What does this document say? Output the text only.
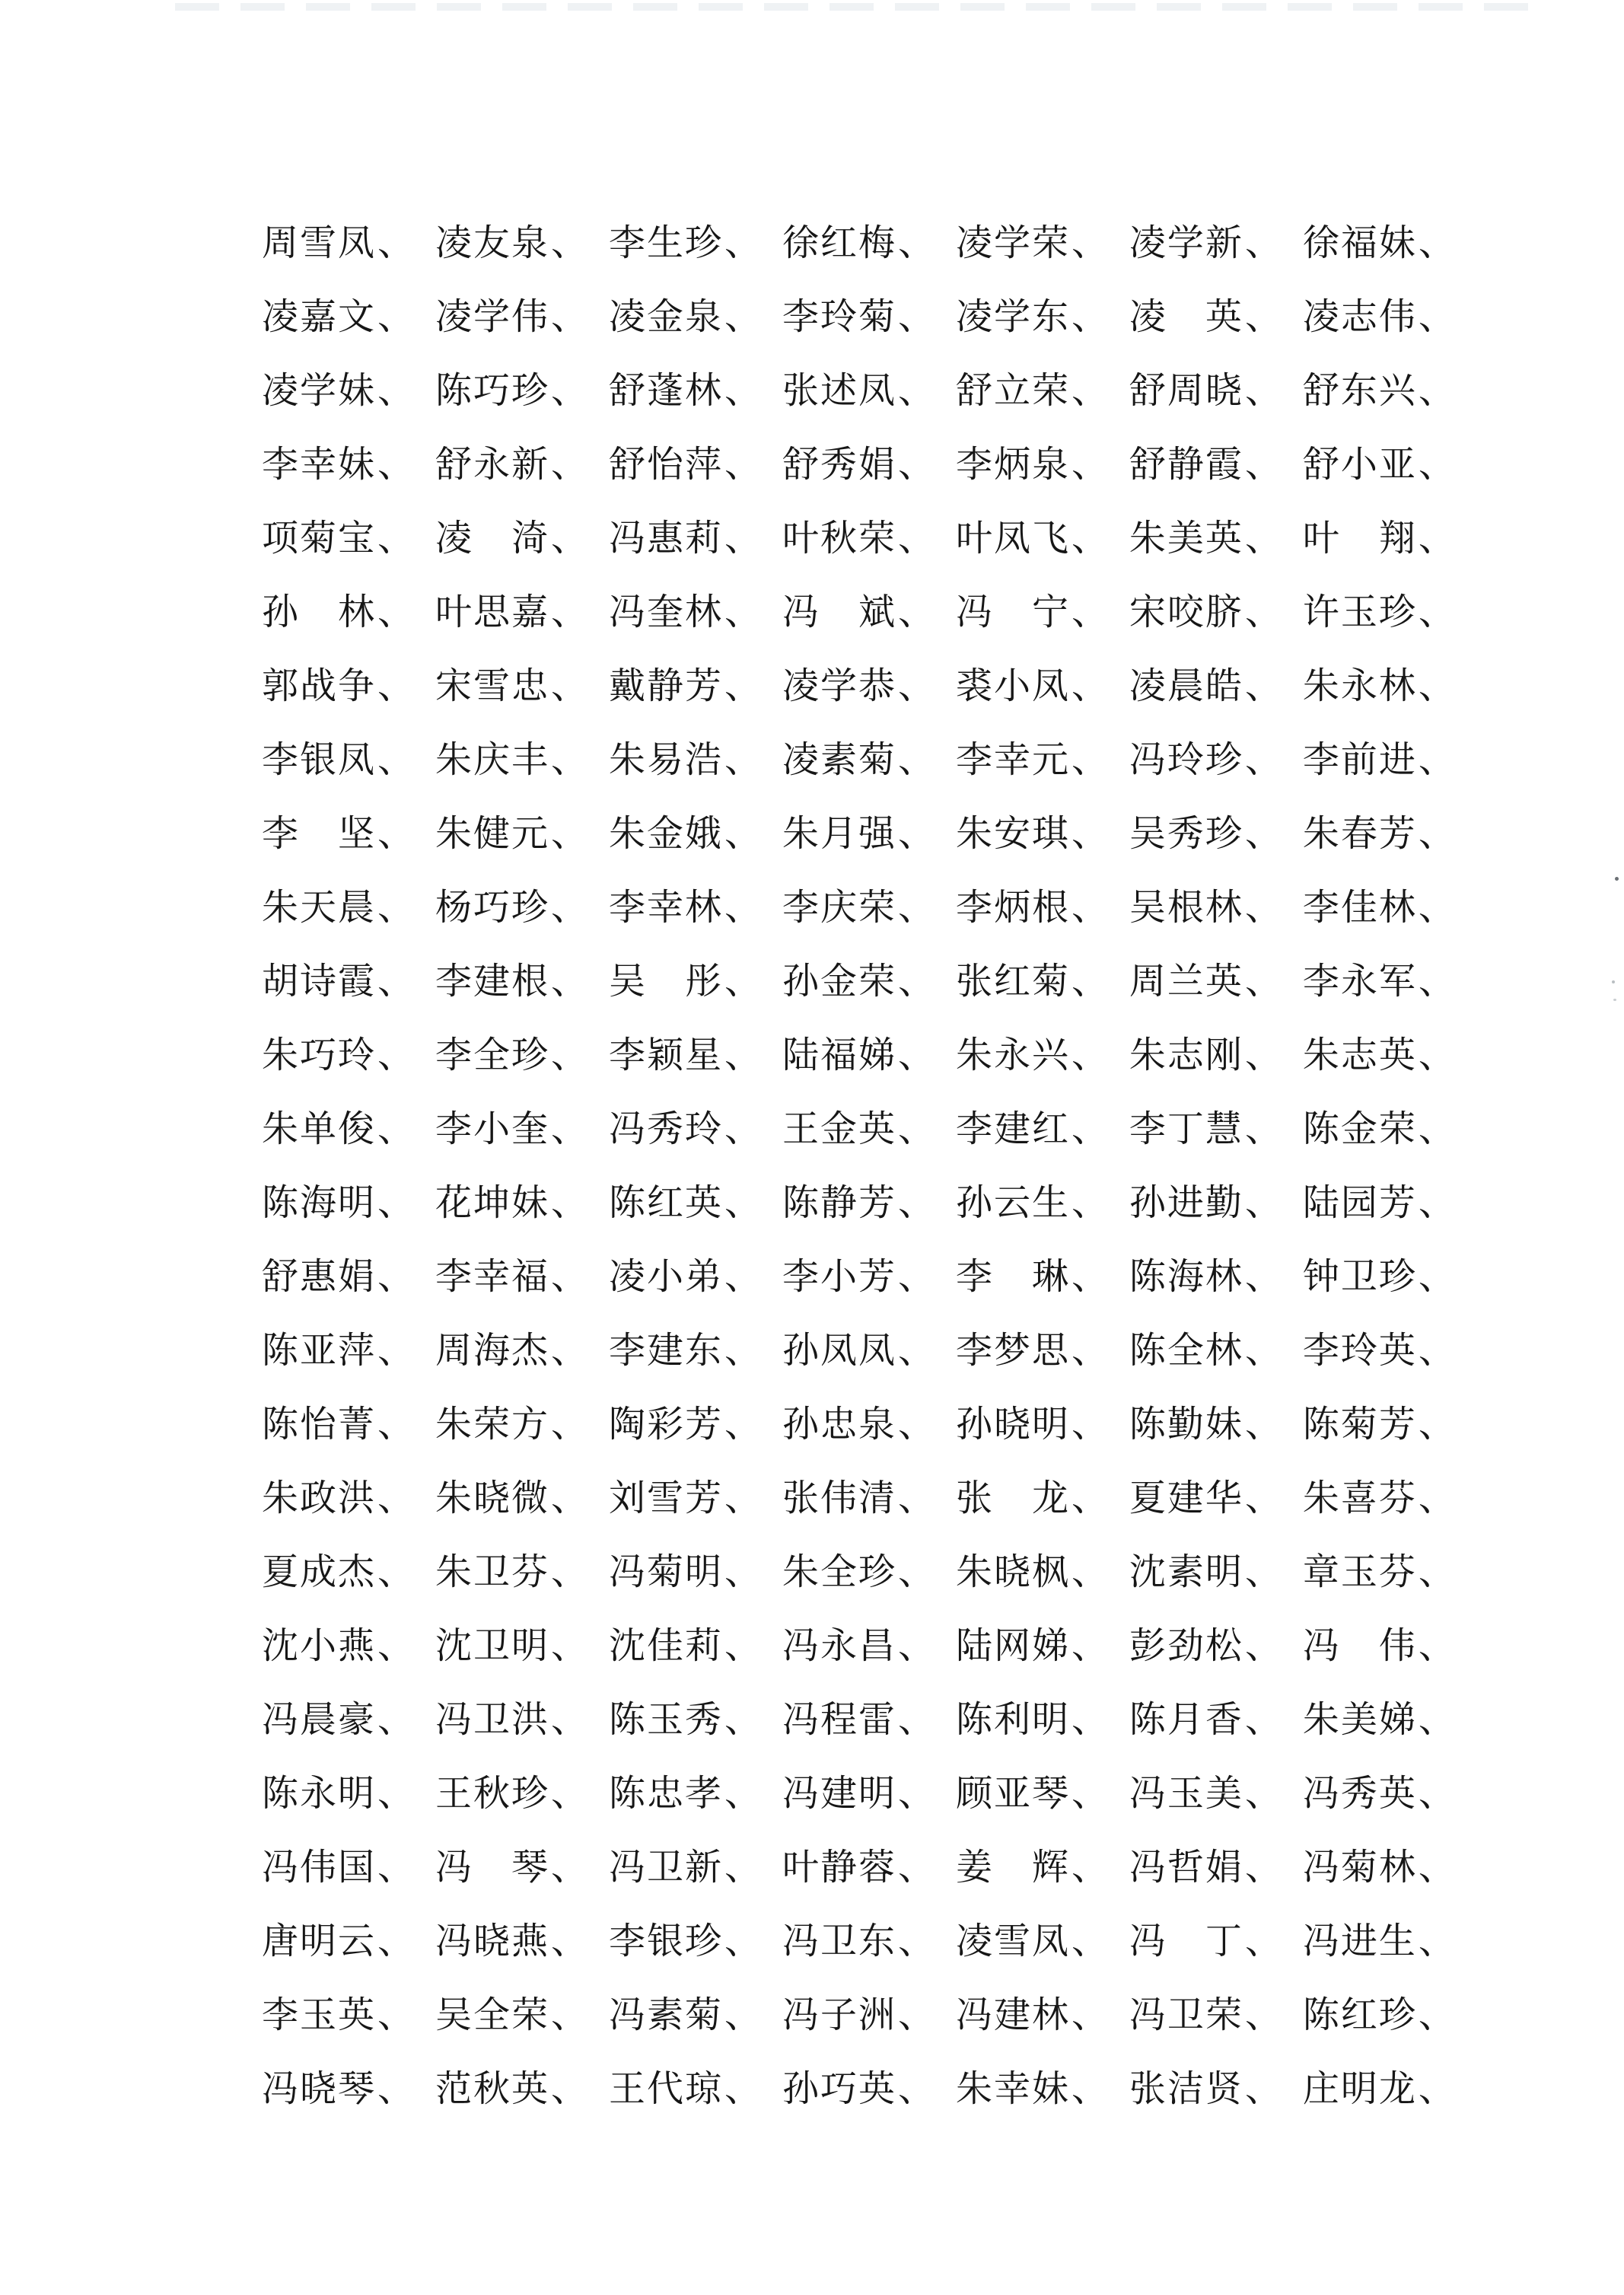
周雪凤 、 凌友泉 、 李生珍 、 徐红梅 、 凌学荣 、 凌学新 、 徐福妹 、
凌嘉文 、 凌学伟 、 凌金泉 、 李玲菊 、 凌学东 、 凌　英 、 凌志伟 、
凌学妹 、 陈巧珍 、 舒蓬林 、 张述凤 、 舒立荣 、 舒周晓 、 舒东兴 、
李幸妹 、 舒永新 、 舒怡萍 、 舒秀娟 、 李炳泉 、 舒静霞 、 舒小亚 、
项菊宝 、 凌　渏 、 冯惠莉 、 叶秋荣 、 叶凤飞 、 朱美英 、 叶　翔 、
孙　林 、 叶思嘉 、 冯奎林 、 冯　斌 、 冯　宁 、 宋咬脐 、 许玉珍 、
郭战争 、 宋雪忠 、 戴静芳 、 凌学恭 、 裘小凤 、 凌晨皓 、 朱永林 、
李银凤 、 朱庆丰 、 朱易浩 、 凌素菊 、 李幸元 、 冯玲珍 、 李前进 、
李　坚 、 朱健元 、 朱金娥 、 朱月强 、 朱安琪 、 吴秀珍 、 朱春芳 、
朱天晨 、 杨巧珍 、 李幸林 、 李庆荣 、 李炳根 、 吴根林 、 李佳林 、
胡诗霞 、 李建根 、 吴　彤 、 孙金荣 、 张红菊 、 周兰英 、 李永军 、
朱巧玲 、 李全珍 、 李颖星 、 陆福娣 、 朱永兴 、 朱志刚 、 朱志英 、
朱单俊 、 李小奎 、 冯秀玲 、 王金英 、 李建红 、 李丁慧 、 陈金荣 、
陈海明 、 花坤妹 、 陈红英 、 陈静芳 、 孙云生 、 孙进勤 、 陆园芳 、
舒惠娟 、 李幸福 、 凌小弟 、 李小芳 、 李　琳 、 陈海林 、 钟卫珍 、
陈亚萍 、 周海杰 、 李建东 、 孙凤凤 、 李梦思 、 陈全林 、 李玲英 、
陈怡菁 、 朱荣方 、 陶彩芳 、 孙忠泉 、 孙晓明 、 陈勤妹 、 陈菊芳 、
朱政洪 、 朱晓微 、 刘雪芳 、 张伟清 、 张　龙 、 夏建华 、 朱喜芬 、
夏成杰 、 朱卫芬 、 冯菊明 、 朱全珍 、 朱晓枫 、 沈素明 、 章玉芬 、
沈小燕 、 沈卫明 、 沈佳莉 、 冯永昌 、 陆网娣 、 彭劲松 、 冯　伟 、
冯晨豪 、 冯卫洪 、 陈玉秀 、 冯程雷 、 陈利明 、 陈月香 、 朱美娣 、
陈永明 、 王秋珍 、 陈忠孝 、 冯建明 、 顾亚琴 、 冯玉美 、 冯秀英 、
冯伟国 、 冯　琴 、 冯卫新 、 叶静蓉 、 姜　辉 、 冯哲娟 、 冯菊林 、
唐明云 、 冯晓燕 、 李银珍 、 冯卫东 、 凌雪凤 、 冯　丁 、 冯进生 、
李玉英 、 吴全荣 、 冯素菊 、 冯子洲 、 冯建林 、 冯卫荣 、 陈红珍 、
冯晓琴 、 范秋英 、 王代琼 、 孙巧英 、 朱幸妹 、 张洁贤 、 庄明龙 、
